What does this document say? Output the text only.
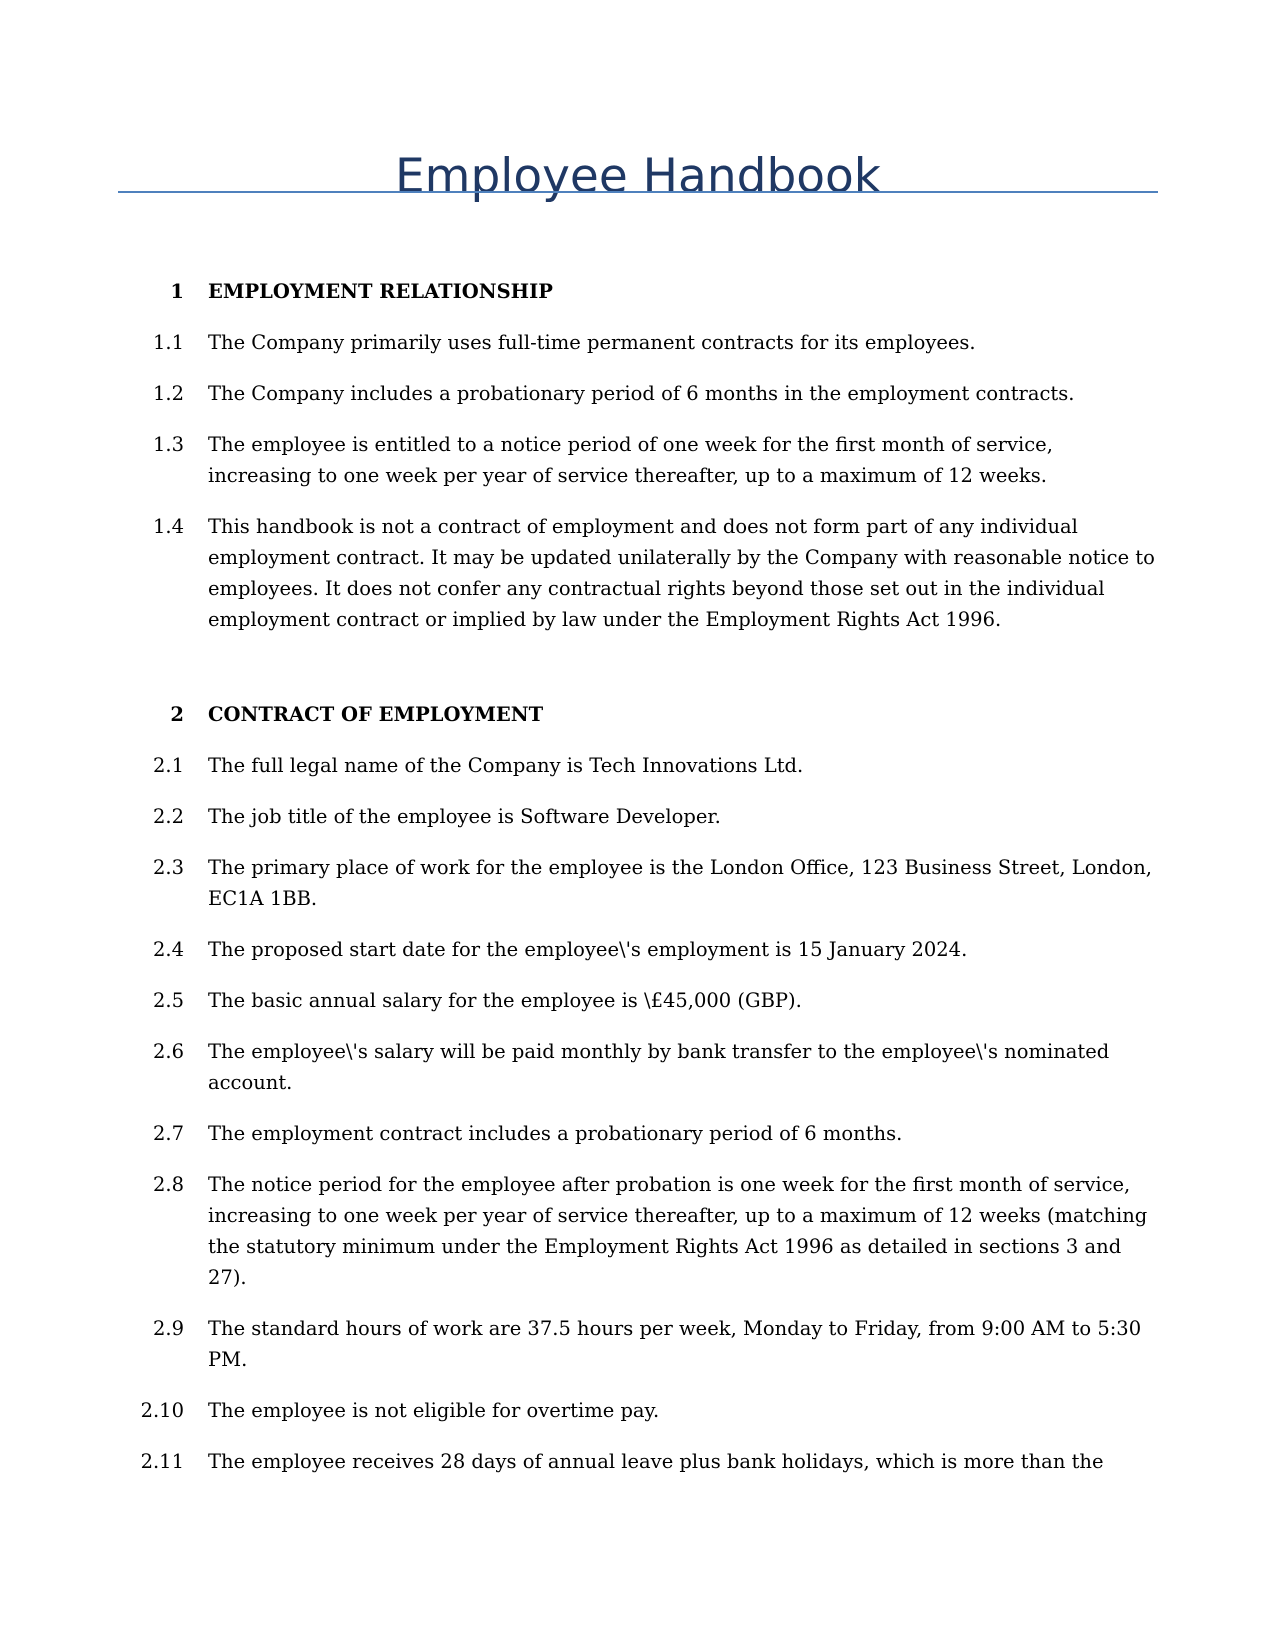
Employee Handbook
1	EMPLOYMENT RELATIONSHIP
1.1	The Company primarily uses full-time permanent contracts for its employees.
1.2	The Company includes a probationary period of 6 months in the employment contracts.
1.3	The employee is entitled to a notice period of one week for the first month of service, increasing to one week per year of service thereafter, up to a maximum of 12 weeks.
1.4	This handbook is not a contract of employment and does not form part of any individual employment contract. It may be updated unilaterally by the Company with reasonable notice to employees. It does not confer any contractual rights beyond those set out in the individual employment contract or implied by law under the Employment Rights Act 1996.
2	CONTRACT OF EMPLOYMENT
2.1	The full legal name of the Company is Tech Innovations Ltd.
2.2	The job title of the employee is Software Developer.
2.3	The primary place of work for the employee is the London Office, 123 Business Street, London, EC1A 1BB.
2.4	The proposed start date for the employee\'s employment is 15 January 2024.
2.5	The basic annual salary for the employee is \£45,000 (GBP).
2.6	The employee\'s salary will be paid monthly by bank transfer to the employee\'s nominated account.
2.7	The employment contract includes a probationary period of 6 months.
2.8	The notice period for the employee after probation is one week for the first month of service, increasing to one week per year of service thereafter, up to a maximum of 12 weeks (matching the statutory minimum under the Employment Rights Act 1996 as detailed in sections 3 and 27).
2.9	The standard hours of work are 37.5 hours per week, Monday to Friday, from 9:00 AM to 5:30 PM.
2.10	The employee is not eligible for overtime pay.
2.11	The employee receives 28 days of annual leave plus bank holidays, which is more than the
